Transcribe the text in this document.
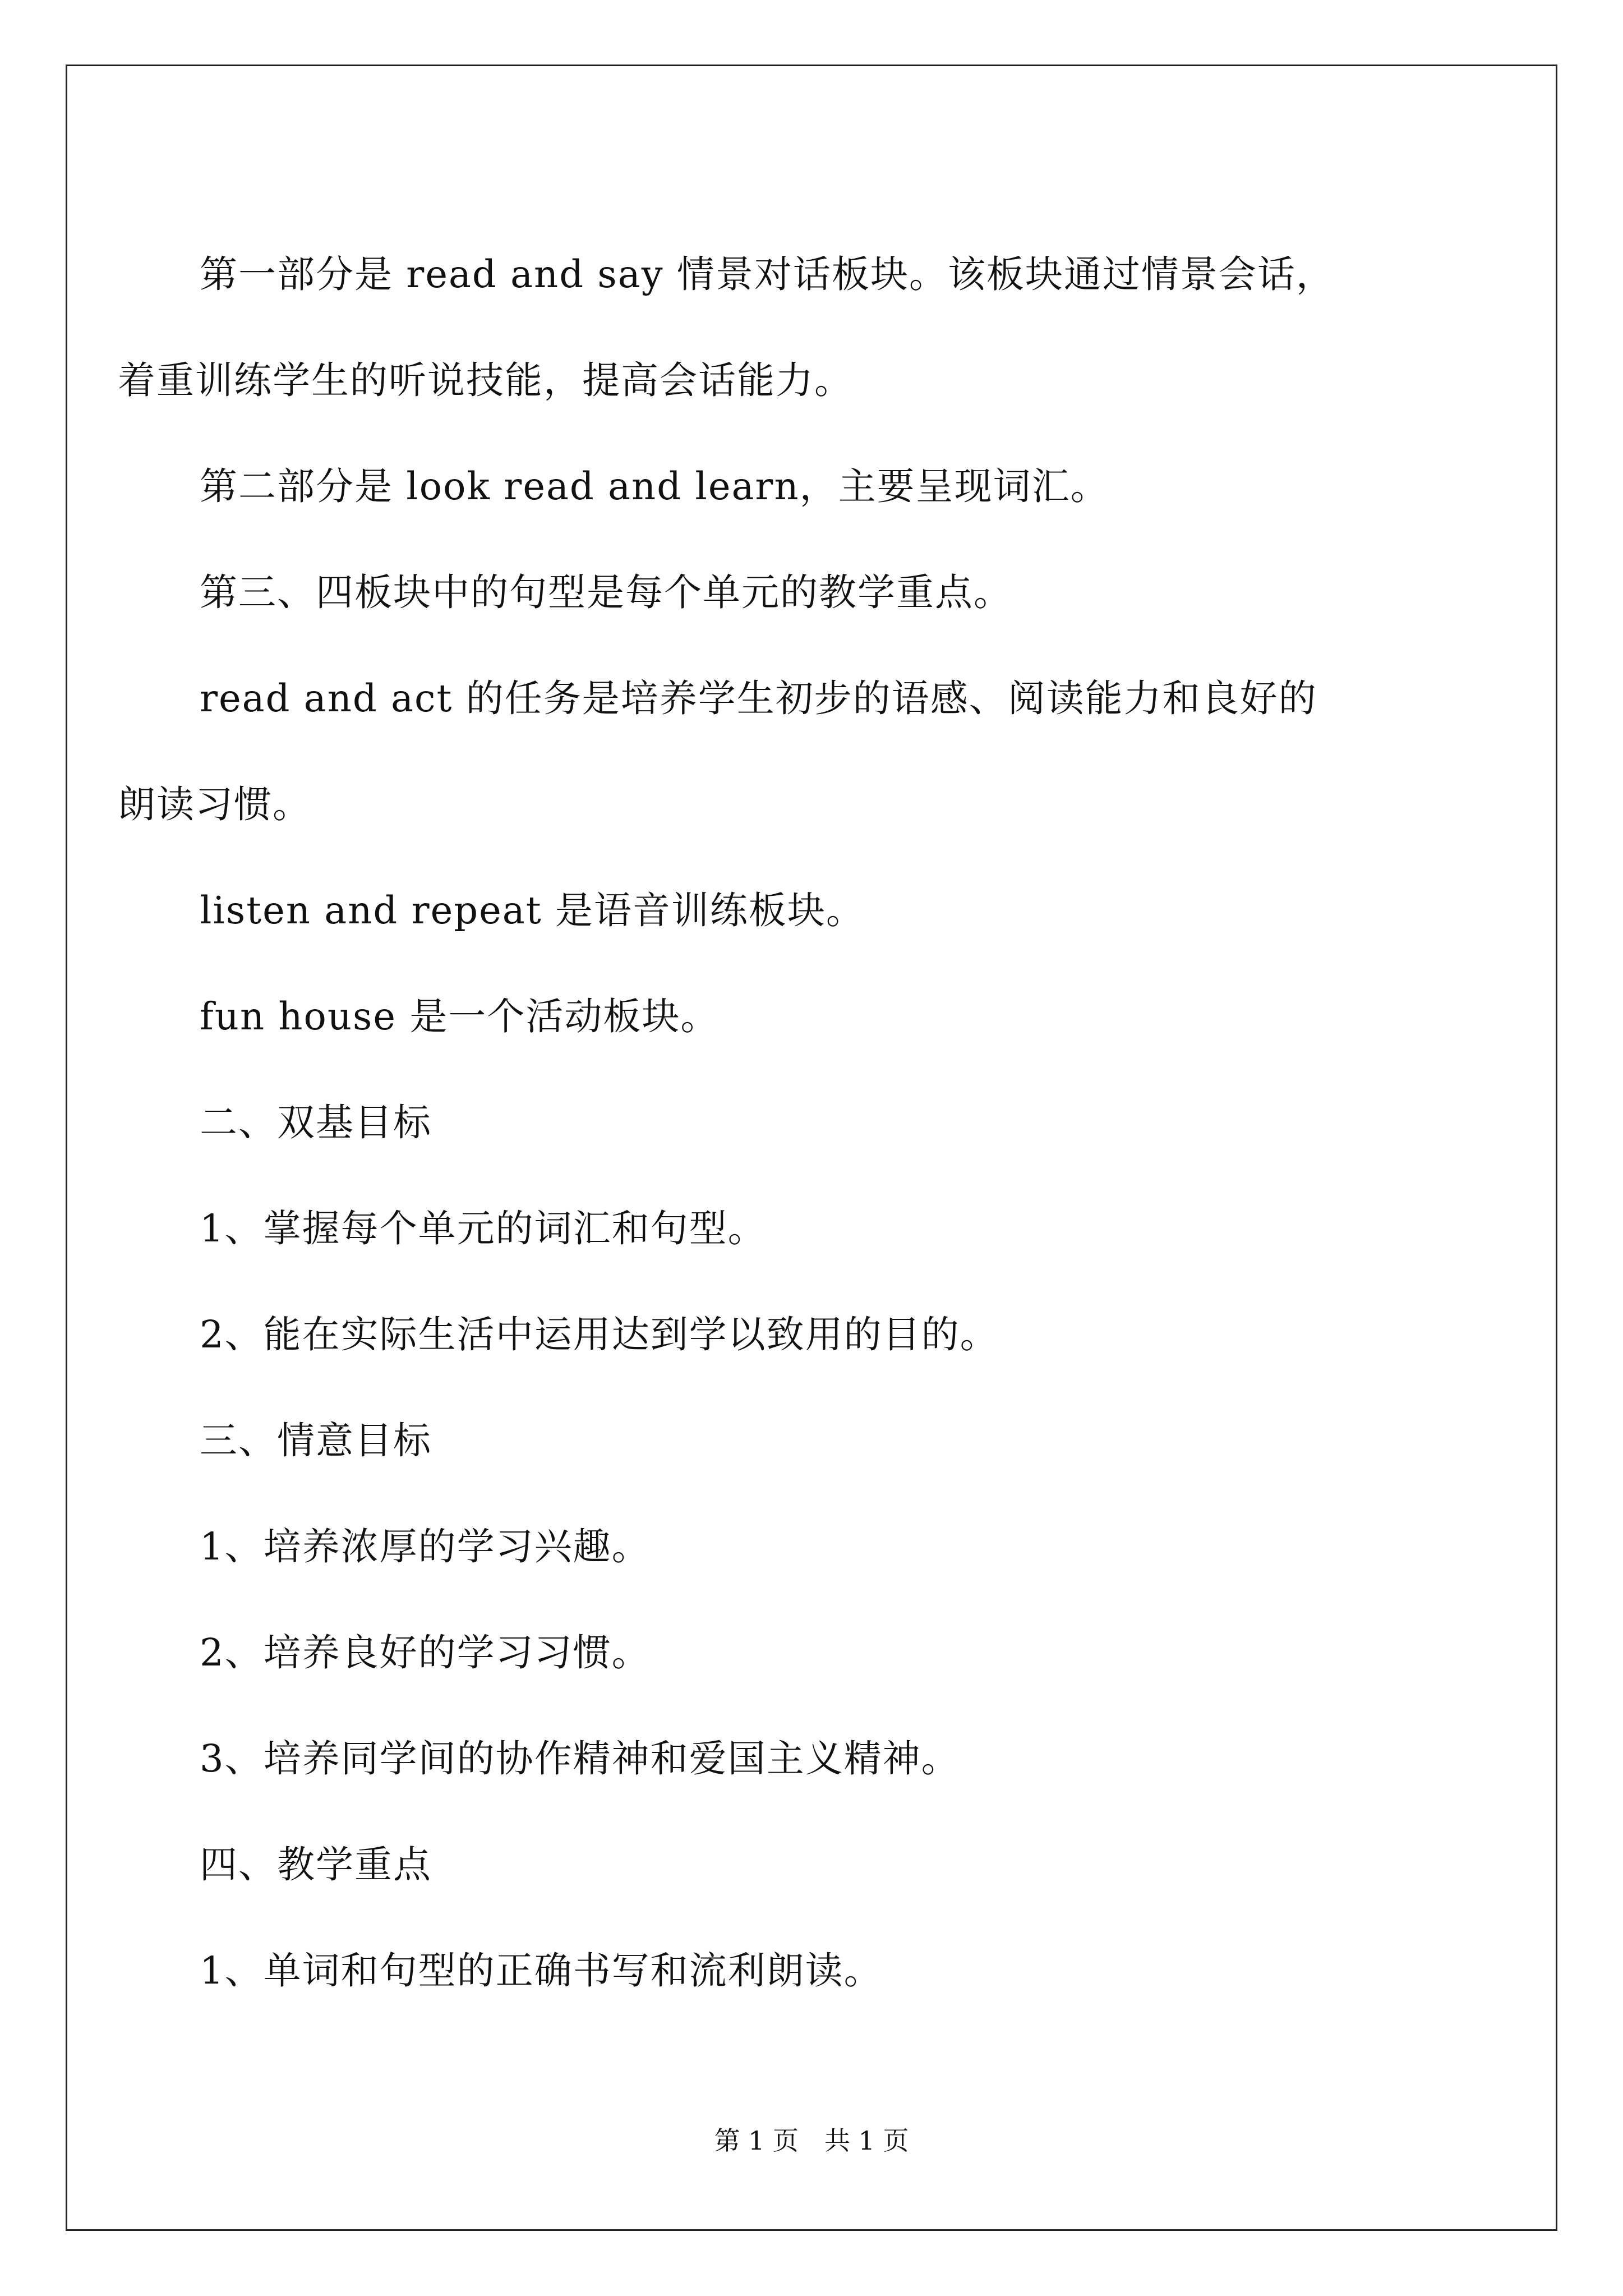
第一部分是 read and say 情景对话板块。该板块通过情景会话，
着重训练学生的听说技能，提高会话能力。

第二部分是 look read and learn，主要呈现词汇。

第三、四板块中的句型是每个单元的教学重点。

read and act 的任务是培养学生初步的语感、阅读能力和良好的
朗读习惯。

listen and repeat 是语音训练板块。

fun house 是一个活动板块。

二、双基目标

1、掌握每个单元的词汇和句型。

2、能在实际生活中运用达到学以致用的目的。

三、情意目标

1、培养浓厚的学习兴趣。

2、培养良好的学习习惯。

3、培养同学间的协作精神和爱国主义精神。

四、教学重点

1、单词和句型的正确书写和流利朗读。

第 1 页　共 1 页
